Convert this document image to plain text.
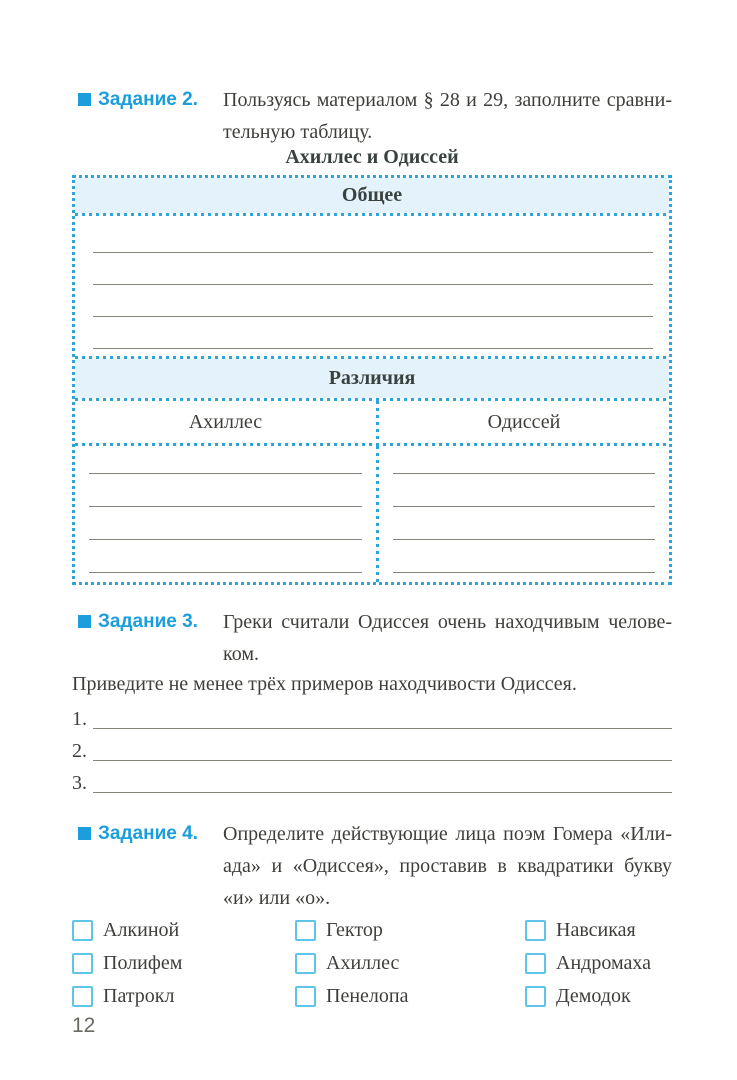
Задание 2. Пользуясь материалом § 28 и 29, заполните сравни-
тельную таблицу.
Ахиллес и Одиссей
Общее
Различия
Ахиллес	Одиссей
Задание 3. Греки считали Одиссея очень находчивым челове-
ком.
Приведите не менее трёх примеров находчивости Одиссея.
1.
2.
3.
Задание 4. Определите действующие лица поэм Гомера «Или-
ада» и «Одиссея», проставив в квадратики букву
«и» или «о».
Алкиной
Полифем
Патрокл
Гектор
Ахиллес
Пенелопа
Навсикая
Андромаха
Демодок
12
